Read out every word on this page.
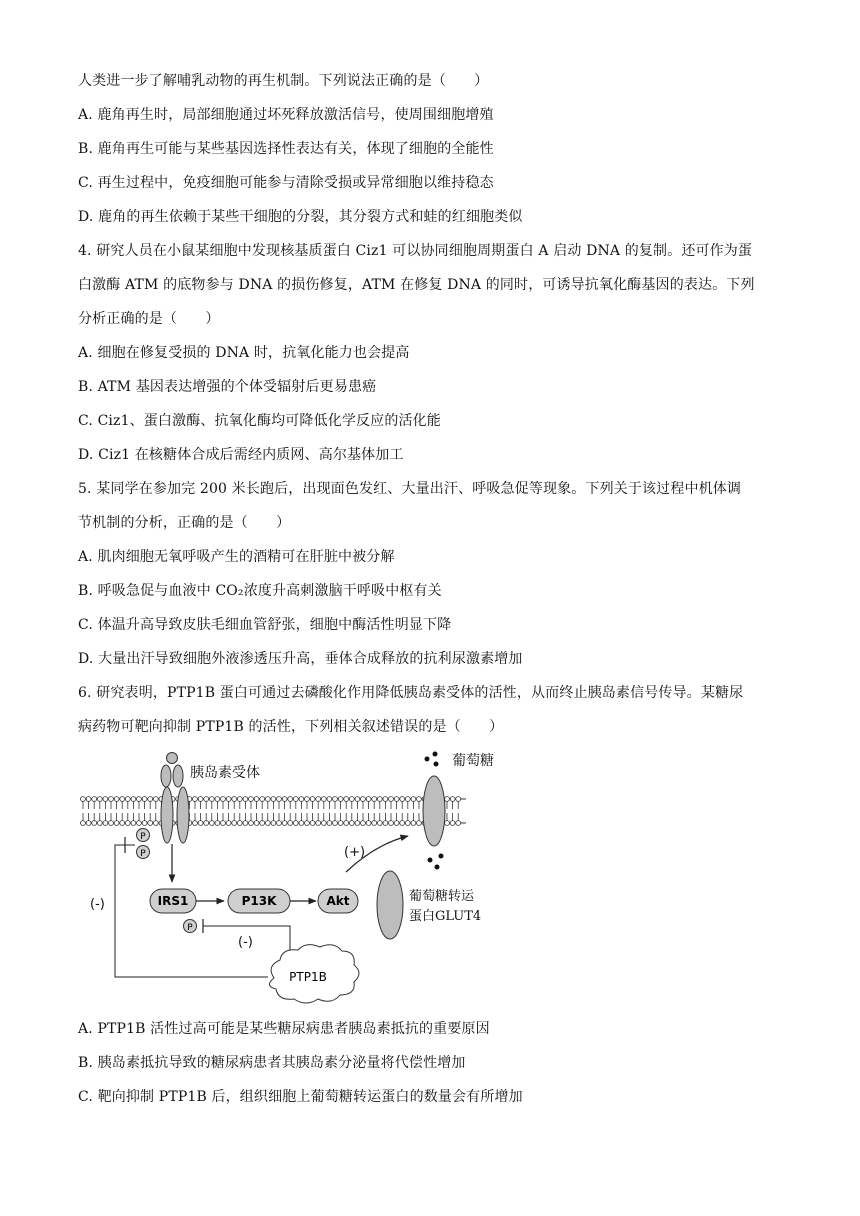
人类进一步了解哺乳动物的再生机制。下列说法正确的是（　　）
A. 鹿角再生时，局部细胞通过坏死释放激活信号，使周围细胞增殖
B. 鹿角再生可能与某些基因选择性表达有关，体现了细胞的全能性
C. 再生过程中，免疫细胞可能参与清除受损或异常细胞以维持稳态
D. 鹿角的再生依赖于某些干细胞的分裂，其分裂方式和蛙的红细胞类似
4. 研究人员在小鼠某细胞中发现核基质蛋白 Ciz1 可以协同细胞周期蛋白 A 启动 DNA 的复制。还可作为蛋
白激酶 ATM 的底物参与 DNA 的损伤修复，ATM 在修复 DNA 的同时，可诱导抗氧化酶基因的表达。下列
分析正确的是（　　）
A. 细胞在修复受损的 DNA 时，抗氧化能力也会提高
B. ATM 基因表达增强的个体受辐射后更易患癌
C. Ciz1、蛋白激酶、抗氧化酶均可降低化学反应的活化能
D. Ciz1 在核糖体合成后需经内质网、高尔基体加工
5. 某同学在参加完 200 米长跑后，出现面色发红、大量出汗、呼吸急促等现象。下列关于该过程中机体调
节机制的分析，正确的是（　　）
A. 肌肉细胞无氧呼吸产生的酒精可在肝脏中被分解
B. 呼吸急促与血液中 CO₂浓度升高刺激脑干呼吸中枢有关
C. 体温升高导致皮肤毛细血管舒张，细胞中酶活性明显下降
D. 大量出汗导致细胞外液渗透压升高，垂体合成释放的抗利尿激素增加
6. 研究表明，PTP1B 蛋白可通过去磷酸化作用降低胰岛素受体的活性，从而终止胰岛素信号传导。某糖尿
病药物可靶向抑制 PTP1B 的活性，下列相关叙述错误的是（　　）
A. PTP1B 活性过高可能是某些糖尿病患者胰岛素抵抗的重要原因
B. 胰岛素抵抗导致的糖尿病患者其胰岛素分泌量将代偿性增加
C. 靶向抑制 PTP1B 后，组织细胞上葡萄糖转运蛋白的数量会有所增加
胰岛素受体
P
P
葡萄糖
葡萄糖转运
蛋白GLUT4
(+)
IRS1	P13K	Akt
P
(-)
(-)
PTP1B
